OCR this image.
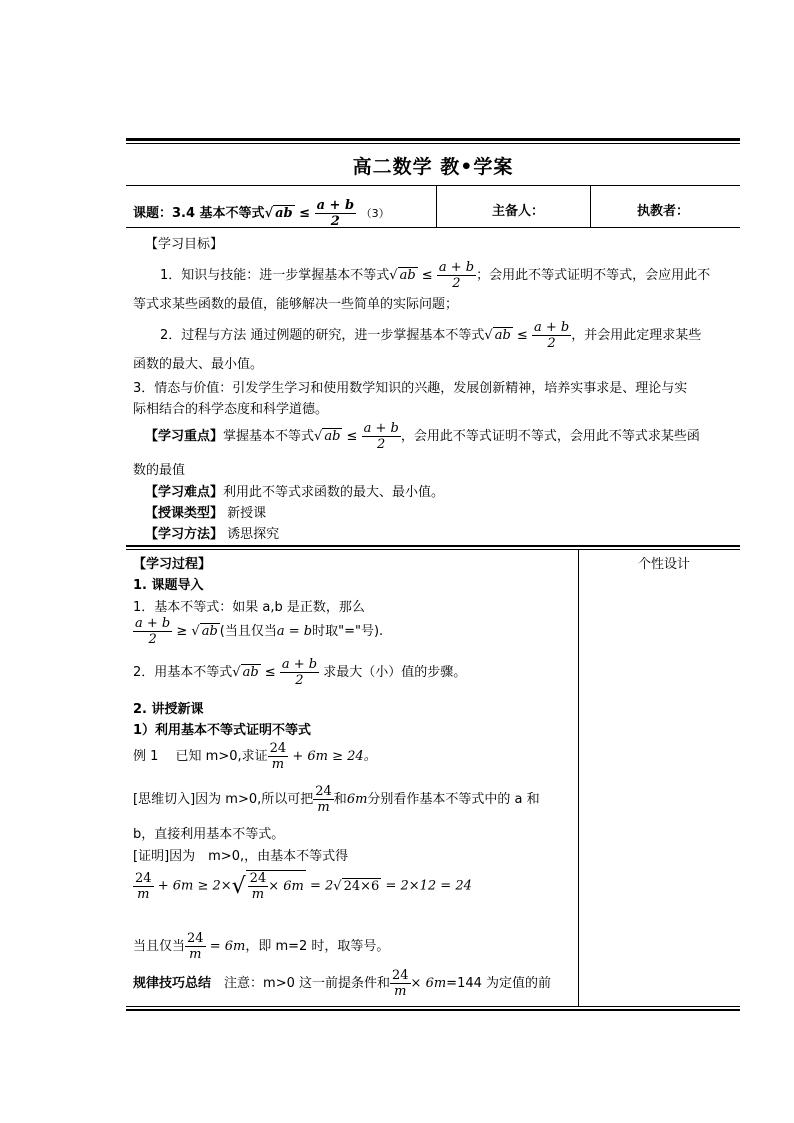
高二数学 教•学案
课题：3.4 基本不等式√ ab ≤ $\frac{a + b}{2} (3)$	主备人：	执教者：
【学习目标】
1．知识与技能：进一步掌握基本不等式√ ab ≤ $\frac{a + b}{2}$ ；会用此不等式证明不等式，会应用此不
等式求某些函数的最值，能够解决一些简单的实际问题；
2．过程与方法 通过例题的研究，进一步掌握基本不等式√ ab ≤ $\frac{a + b}{2}$ ，并会用此定理求某些
函数的最大、最小值。
3．情态与价值：引发学生学习和使用数学知识的兴趣，发展创新精神，培养实事求是、理论与实
际相结合的科学态度和科学道德。
【学习重点】掌握基本不等式√ ab ≤ $\frac{a + b}{2}$ ，会用此不等式证明不等式，会用此不等式求某些函
数的最值
【学习难点】利用此不等式求函数的最大、最小值。
【授课类型】 新授课
【学习方法】 诱思探究
【学习过程】	个性设计
1. 课题导入
1．基本不等式：如果 a,b 是正数，那么
$\frac{a + b}{2}$ ≥ √ ab (当且仅当a = b时取"="号).
2．用基本不等式√ ab ≤ $\frac{a + b}{2}$ 求最大（小）值的步骤。
2. 讲授新课
1）利用基本不等式证明不等式
例 1　 已知 m>0,求证 $\frac{24}{m} + 6m \ge 24$。
[思维切入]因为 m>0,所以可把 $\frac{24}{m}$ 和6m分别看作基本不等式中的 a 和
b，直接利用基本不等式。
[证明]因为　m>0,，由基本不等式得
$\frac{24}{m} + 6m \ge 2\times√ \frac{24}{m} \times 6m = 2√$ 24×6 = 2×12 = 24
当且仅当 $\frac{24}{m} = 6m$，即 m=2 时，取等号。
规律技巧总结　 注意：m>0 这一前提条件和 $\frac{24}{m} \times 6m=144$ 为定值的前
